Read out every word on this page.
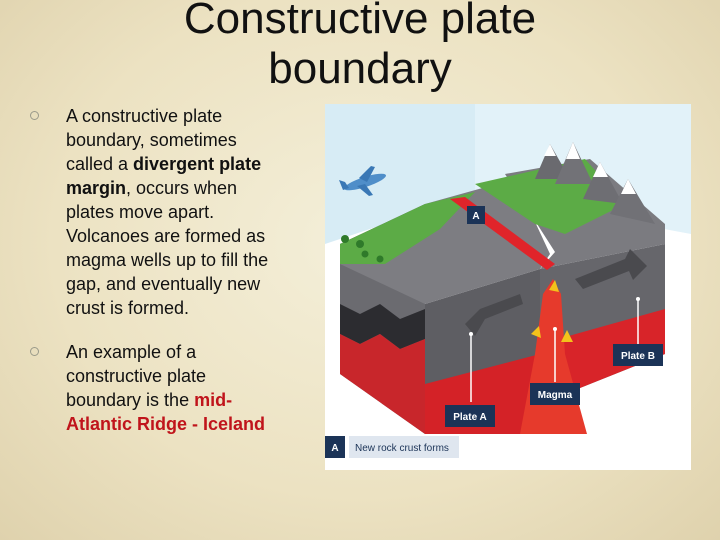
Constructive plate boundary
A constructive plate boundary, sometimes called a divergent plate margin, occurs when plates move apart. Volcanoes are formed as magma wells up to fill the gap, and eventually new crust is formed.
An example of a constructive plate boundary is the mid-Atlantic Ridge - Iceland
A
Plate A
Magma
Plate B
A New rock crust forms
